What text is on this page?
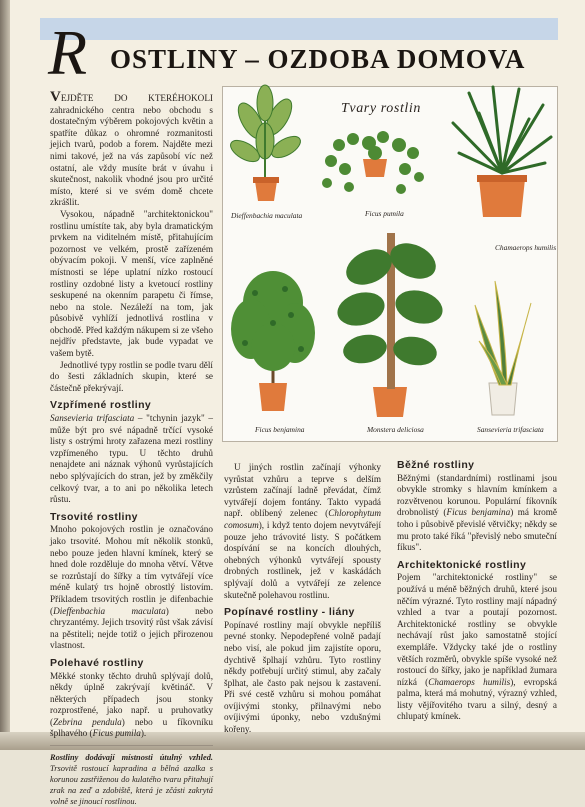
R OSTLINY – OZDOBA DOMOVA

VEJDĚTE DO KTERÉHOKOLI zahradnického centra nebo obchodu s dostatečným výběrem pokojových květin a spatříte důkaz o ohromné rozmanitosti jejich tvarů, podob a forem. Najděte mezi nimi takové, jež na vás zapůsobí víc než ostatní, ale vždy musíte brát v úvahu i skutečnost, nakolik vhodné jsou pro určité místo, které si ve svém domě chcete zkrášlit.

Vysokou, nápadně "architektonickou" rostlinu umístíte tak, aby byla dramatickým prvkem na viditelném místě, přitahujícím pozornost ve velkém, prostě zařízeném obývacím pokoji. V menší, více zaplněné místnosti se lépe uplatní nízko rostoucí rostliny ozdobné listy a kvetoucí rostliny seskupené na okenním parapetu či římse, nebo na stole. Nezáleží na tom, jak působivě vyhlíží jednotlivá rostlina v obchodě. Před každým nákupem si ze všeho nejdřív představte, jak bude vypadat ve vašem bytě.

Jednotlivé typy rostlin se podle tvaru dělí do šesti základních skupin, které se částečně překrývají.

Vzpřímené rostliny

Sansevieria trifasciata – "tchynin jazyk" – může být pro své nápadně trčící vysoké listy s ostrými hroty zařazena mezi rostliny vzpřímeného typu. U těchto druhů nenajdete ani náznak výhonů vyrůstajících nebo splývajících do stran, jež by změkčily celkový tvar, a to ani po několika letech růstu.

Trsovité rostliny

Mnoho pokojových rostlin je označováno jako trsovité. Mohou mít několik stonků, nebo pouze jeden hlavní kmínek, který se hned dole rozděluje do mnoha větví. Větve se rozrůstají do šířky a tím vytvářejí více méně kulatý trs hojně obrostlý listovím. Příkladem trsovitých rostlin je difenbachie (Dieffenbachia maculata) nebo chryzantémy. Jejich trsovitý růst však závisí na pěstiteli; nejde totiž o jejich přirozenou vlastnost.

Polehavé rostliny

Měkké stonky těchto druhů splývají dolů, někdy úplně zakrývají květináč. V některých případech jsou stonky rozprostřené, jako např. u pruhovatky (Zebrina pendula) nebo u fíkovníku šplhavého (Ficus pumila).

Rostliny dodávají místnosti útulný vzhled. Trsovitě rostoucí kapradina a bělná azalka s korunou zastřiženou do kulatého tvaru přitahují zrak na zeď a zdobiště, která je zčásti zakrytá volně se jinoucí rostlinou.

Tvary rostlin
Dieffenbachia maculata	Ficus pumila
Chamaerops humilis
Ficus benjamina	Monstera deliciosa	Sansevieria trifasciata

U jiných rostlin začínají výhonky vyrůstat vzhůru a teprve s delším vzrůstem začínají ladně převádat, čímž vytvářejí dojem fontány. Takto vypadá např. oblíbený zelenec (Chlorophytum comosum), i když tento dojem nevytvářejí pouze jeho trávovité listy. S počátkem dospívání se na koncích dlouhých, ohebných výhonků vytvářejí spousty drobných rostlinek, jež v kaskádách splývají dolů a vytvářejí ze zelence skutečně polehavou rostlinu.

Popínavé rostliny - liány

Popínavé rostliny mají obvykle nepříliš pevné stonky. Nepodepřené volně padají nebo visí, ale pokud jim zajistíte oporu, dychtivě šplhají vzhůru. Tyto rostliny někdy potřebují určitý stimul, aby začaly šplhat, ale často pak nejsou k zastavení. Při své cestě vzhůru si mohou pomáhat ovíjivými stonky, přilnavými nebo ovíjivými úponky, nebo vzdušnými kořeny.

Běžné rostliny

Běžnými (standardními) rostlinami jsou obvykle stromky s hlavním kmínkem a rozvětvenou korunou. Populární fíkovník drobnolistý (Ficus benjamina) má kromě toho i působivě převislé větvičky; někdy se mu proto také říká "převislý nebo smuteční fíkus".

Architektonické rostliny

Pojem "architektonické rostliny" se používá u méně běžných druhů, které jsou něčím výrazné. Tyto rostliny mají nápadný vzhled a tvar a poutají pozornost. Architektonické rostliny se obvykle nechávají růst jako samostatně stojící exempláře. Vždycky také jde o rostliny větších rozměrů, obvykle spíše vysoké než rostoucí do šířky, jako je například žumara nízká (Chamaerops humilis), evropská palma, která má mohutný, výrazný vzhled, listy vějířovitého tvaru a silný, desný a chlupatý kmínek.
